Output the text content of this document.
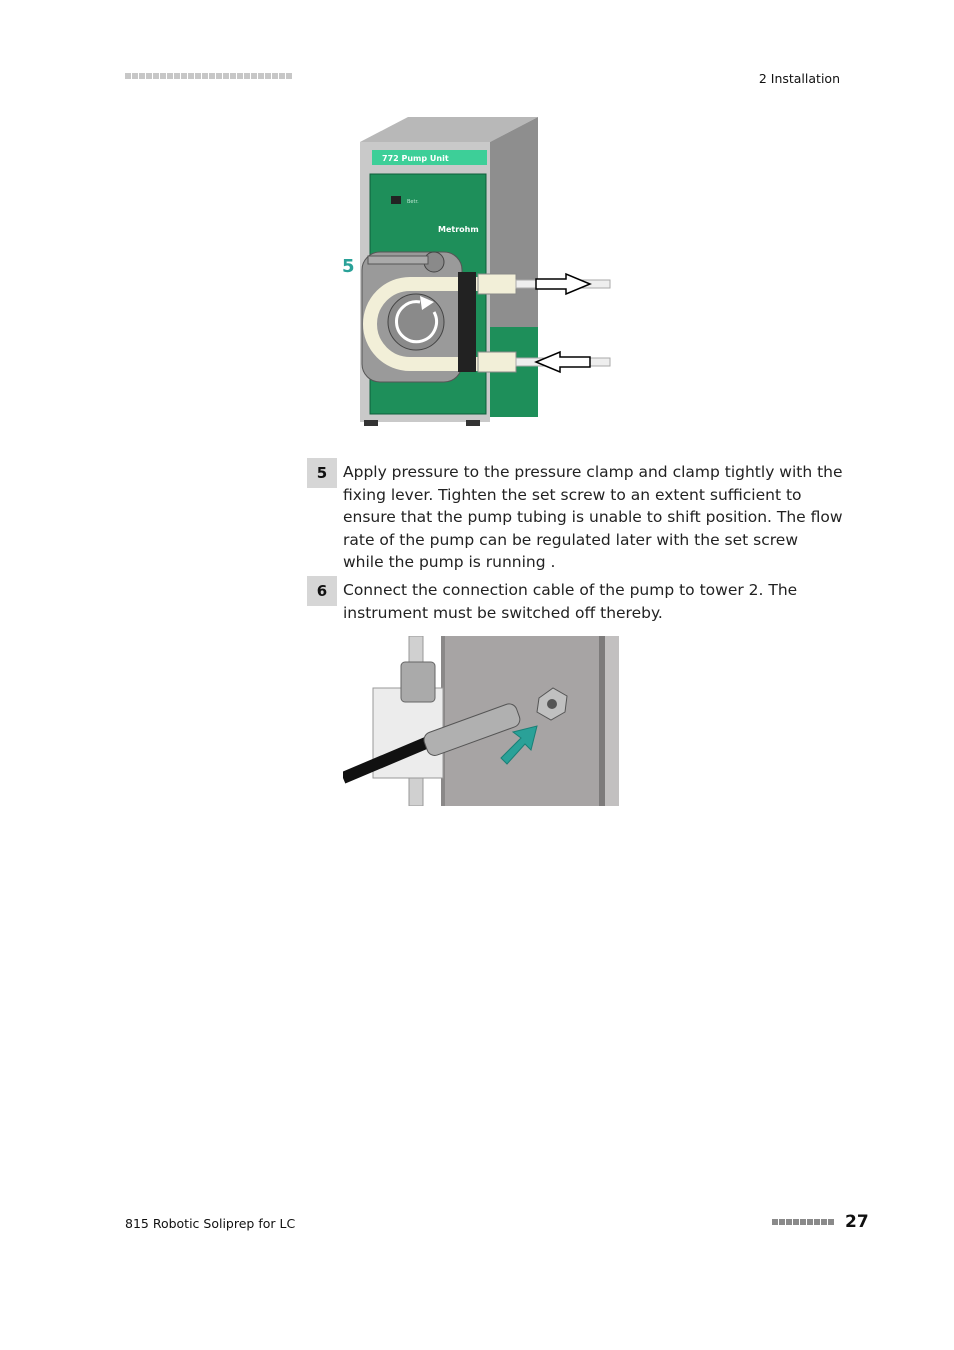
2 Installation
772 Pump Unit
Betr.
Metrohm
5
5	Apply pressure to the pressure clamp and clamp tightly with the fixing lever. Tighten the set screw to an extent sufficient to ensure that the pump tubing is unable to shift position. The flow rate of the pump can be regulated later with the set screw while the pump is running .
6	Connect the connection cable of the pump to tower 2. The instrument must be switched off thereby.
815 Robotic Soliprep for LC	27
